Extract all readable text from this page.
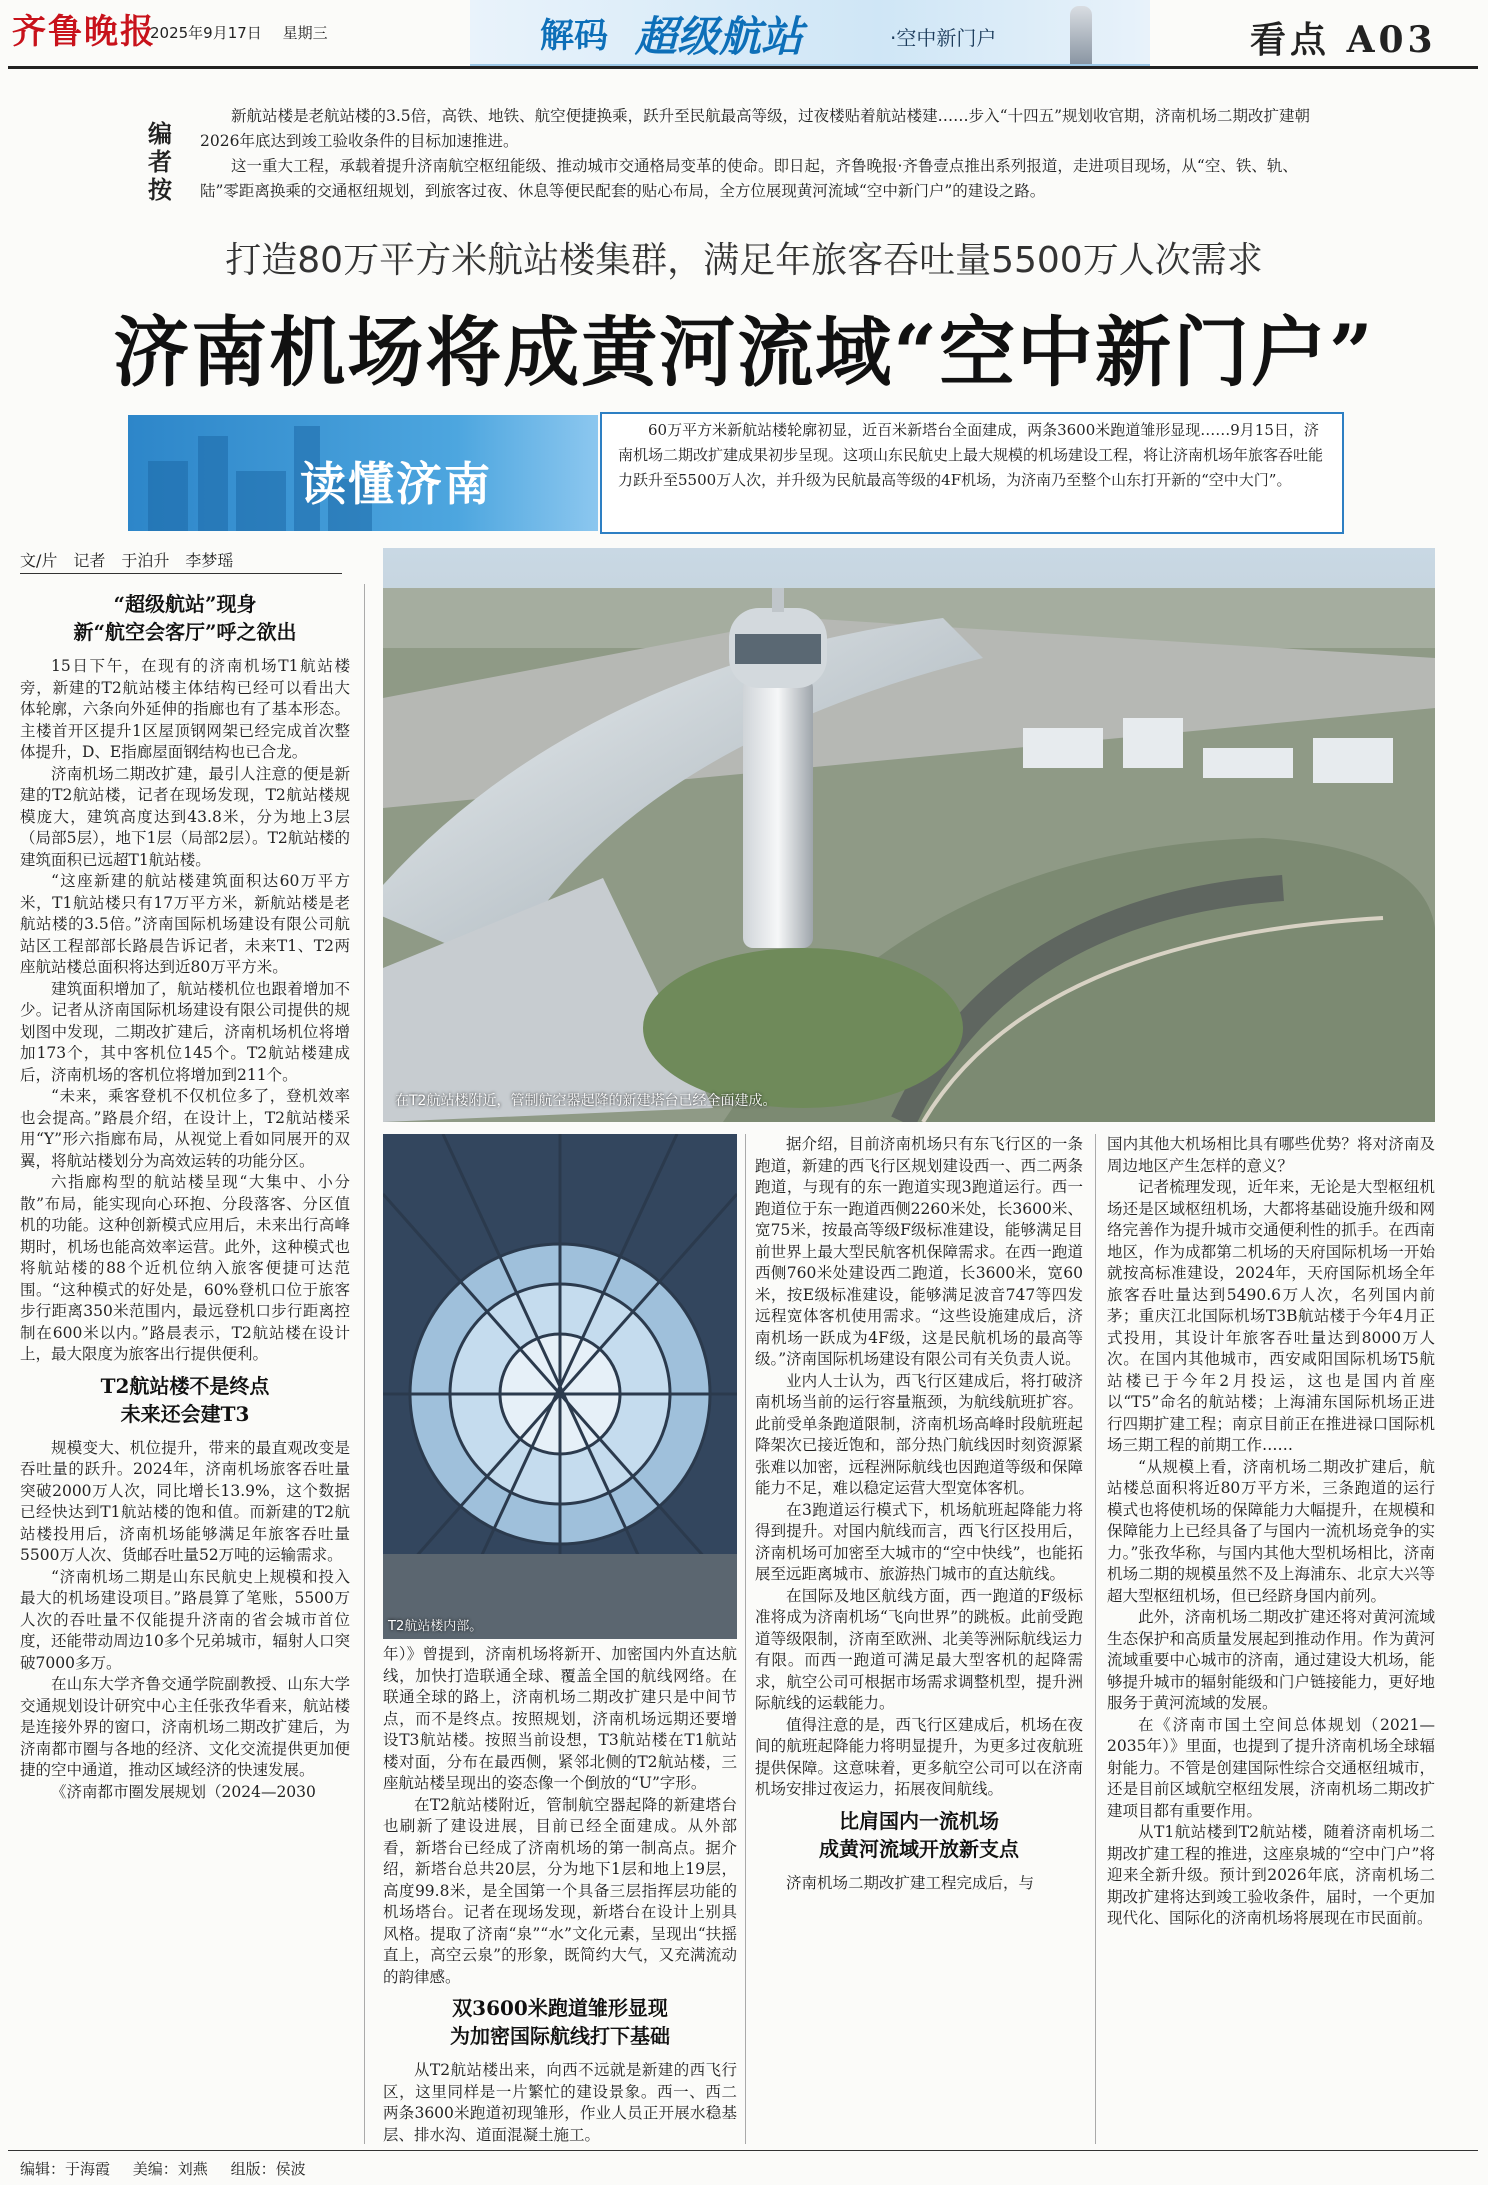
齐鲁晚报
2025年9月17日 星期三	解码 超级航站	·空中新门户	看点 A03
编者按

新航站楼是老航站楼的3.5倍，高铁、地铁、航空便捷换乘，跃升至民航最高等级，过夜楼贴着航站楼建……步入“十四五”规划收官期，济南机场二期改扩建朝2026年底达到竣工验收条件的目标加速推进。

这一重大工程，承载着提升济南航空枢纽能级、推动城市交通格局变革的使命。即日起，齐鲁晚报·齐鲁壹点推出系列报道，走进项目现场，从“空、铁、轨、陆”零距离换乘的交通枢纽规划，到旅客过夜、休息等便民配套的贴心布局，全方位展现黄河流域“空中新门户”的建设之路。

打造80万平方米航站楼集群，满足年旅客吞吐量5500万人次需求
济南机场将成黄河流域“空中新门户”
读懂济南
60万平方米新航站楼轮廓初显，近百米新塔台全面建成，两条3600米跑道雏形显现……9月15日，济南机场二期改扩建成果初步呈现。这项山东民航史上最大规模的机场建设工程，将让济南机场年旅客吞吐能力跃升至5500万人次，并升级为民航最高等级的4F机场，为济南乃至整个山东打开新的“空中大门”。
文/片　记者　于泊升　李梦瑶
在T2航站楼附近，管制航空器起降的新建塔台已经全面建成。
T2航站楼内部。
“超级航站”现身
新“航空会客厅”呼之欲出

15日下午，在现有的济南机场T1航站楼旁，新建的T2航站楼主体结构已经可以看出大体轮廓，六条向外延伸的指廊也有了基本形态。主楼首开区提升1区屋顶钢网架已经完成首次整体提升，D、E指廊屋面钢结构也已合龙。

济南机场二期改扩建，最引人注意的便是新建的T2航站楼，记者在现场发现，T2航站楼规模庞大，建筑高度达到43.8米，分为地上3层（局部5层），地下1层（局部2层）。T2航站楼的建筑面积已远超T1航站楼。

“这座新建的航站楼建筑面积达60万平方米，T1航站楼只有17万平方米，新航站楼是老航站楼的3.5倍。”济南国际机场建设有限公司航站区工程部部长路晨告诉记者，未来T1、T2两座航站楼总面积将达到近80万平方米。

建筑面积增加了，航站楼机位也跟着增加不少。记者从济南国际机场建设有限公司提供的规划图中发现，二期改扩建后，济南机场机位将增加173个，其中客机位145个。T2航站楼建成后，济南机场的客机位将增加到211个。

“未来，乘客登机不仅机位多了，登机效率也会提高。”路晨介绍，在设计上，T2航站楼采用“Y”形六指廊布局，从视觉上看如同展开的双翼，将航站楼划分为高效运转的功能分区。

六指廊构型的航站楼呈现“大集中、小分散”布局，能实现向心环抱、分段落客、分区值机的功能。这种创新模式应用后，未来出行高峰期时，机场也能高效率运营。此外，这种模式也将航站楼的88个近机位纳入旅客便捷可达范围。“这种模式的好处是，60%登机口位于旅客步行距离350米范围内，最远登机口步行距离控制在600米以内。”路晨表示，T2航站楼在设计上，最大限度为旅客出行提供便利。

T2航站楼不是终点
未来还会建T3

规模变大、机位提升，带来的最直观改变是吞吐量的跃升。2024年，济南机场旅客吞吐量突破2000万人次，同比增长13.9%，这个数据已经快达到T1航站楼的饱和值。而新建的T2航站楼投用后，济南机场能够满足年旅客吞吐量5500万人次、货邮吞吐量52万吨的运输需求。

“济南机场二期是山东民航史上规模和投入最大的机场建设项目。”路晨算了笔账，5500万人次的吞吐量不仅能提升济南的省会城市首位度，还能带动周边10多个兄弟城市，辐射人口突破7000多万。

在山东大学齐鲁交通学院副教授、山东大学交通规划设计研究中心主任张孜华看来，航站楼是连接外界的窗口，济南机场二期改扩建后，为济南都市圈与各地的经济、文化交流提供更加便捷的空中通道，推动区域经济的快速发展。

《济南都市圈发展规划（2024—2030

年）》曾提到，济南机场将新开、加密国内外直达航线，加快打造联通全球、覆盖全国的航线网络。在联通全球的路上，济南机场二期改扩建只是中间节点，而不是终点。按照规划，济南机场远期还要增设T3航站楼。按照当前设想，T3航站楼在T1航站楼对面，分布在最西侧，紧邻北侧的T2航站楼，三座航站楼呈现出的姿态像一个倒放的“U”字形。

在T2航站楼附近，管制航空器起降的新建塔台也刷新了建设进展，目前已经全面建成。从外部看，新塔台已经成了济南机场的第一制高点。据介绍，新塔台总共20层，分为地下1层和地上19层，高度99.8米，是全国第一个具备三层指挥层功能的机场塔台。记者在现场发现，新塔台在设计上别具风格。提取了济南“泉”“水”文化元素，呈现出“扶摇直上，高空云泉”的形象，既简约大气，又充满流动的韵律感。

双3600米跑道雏形显现
为加密国际航线打下基础

从T2航站楼出来，向西不远就是新建的西飞行区，这里同样是一片繁忙的建设景象。西一、西二两条3600米跑道初现雏形，作业人员正开展水稳基层、排水沟、道面混凝土施工。

据介绍，目前济南机场只有东飞行区的一条跑道，新建的西飞行区规划建设西一、西二两条跑道，与现有的东一跑道实现3跑道运行。西一跑道位于东一跑道西侧2260米处，长3600米、宽75米，按最高等级F级标准建设，能够满足目前世界上最大型民航客机保障需求。在西一跑道西侧760米处建设西二跑道，长3600米，宽60米，按E级标准建设，能够满足波音747等四发远程宽体客机使用需求。“这些设施建成后，济南机场一跃成为4F级，这是民航机场的最高等级。”济南国际机场建设有限公司有关负责人说。

业内人士认为，西飞行区建成后，将打破济南机场当前的运行容量瓶颈，为航线航班扩容。此前受单条跑道限制，济南机场高峰时段航班起降架次已接近饱和，部分热门航线因时刻资源紧张难以加密，远程洲际航线也因跑道等级和保障能力不足，难以稳定运营大型宽体客机。

在3跑道运行模式下，机场航班起降能力将得到提升。对国内航线而言，西飞行区投用后，济南机场可加密至大城市的“空中快线”，也能拓展至远距离城市、旅游热门城市的直达航线。

在国际及地区航线方面，西一跑道的F级标准将成为济南机场“飞向世界”的跳板。此前受跑道等级限制，济南至欧洲、北美等洲际航线运力有限。而西一跑道可满足最大型客机的起降需求，航空公司可根据市场需求调整机型，提升洲际航线的运载能力。

值得注意的是，西飞行区建成后，机场在夜间的航班起降能力将明显提升，为更多过夜航班提供保障。这意味着，更多航空公司可以在济南机场安排过夜运力，拓展夜间航线。

比肩国内一流机场
成黄河流域开放新支点

济南机场二期改扩建工程完成后，与

国内其他大机场相比具有哪些优势？将对济南及周边地区产生怎样的意义？

记者梳理发现，近年来，无论是大型枢纽机场还是区域枢纽机场，大都将基础设施升级和网络完善作为提升城市交通便利性的抓手。在西南地区，作为成都第二机场的天府国际机场一开始就按高标准建设，2024年，天府国际机场全年旅客吞吐量达到5490.6万人次，名列国内前茅；重庆江北国际机场T3B航站楼于今年4月正式投用，其设计年旅客吞吐量达到8000万人次。在国内其他城市，西安咸阳国际机场T5航站楼已于今年2月投运，这也是国内首座以“T5”命名的航站楼；上海浦东国际机场正进行四期扩建工程；南京目前正在推进禄口国际机场三期工程的前期工作……

“从规模上看，济南机场二期改扩建后，航站楼总面积将近80万平方米，三条跑道的运行模式也将使机场的保障能力大幅提升，在规模和保障能力上已经具备了与国内一流机场竞争的实力。”张孜华称，与国内其他大型机场相比，济南机场二期的规模虽然不及上海浦东、北京大兴等超大型枢纽机场，但已经跻身国内前列。

此外，济南机场二期改扩建还将对黄河流域生态保护和高质量发展起到推动作用。作为黄河流域重要中心城市的济南，通过建设大机场，能够提升城市的辐射能级和门户链接能力，更好地服务于黄河流域的发展。

在《济南市国土空间总体规划（2021—2035年）》里面，也提到了提升济南机场全球辐射能力。不管是创建国际性综合交通枢纽城市，还是目前区域航空枢纽发展，济南机场二期改扩建项目都有重要作用。

从T1航站楼到T2航站楼，随着济南机场二期改扩建工程的推进，这座泉城的“空中门户”将迎来全新升级。预计到2026年底，济南机场二期改扩建将达到竣工验收条件，届时，一个更加现代化、国际化的济南机场将展现在市民面前。

编辑：于海霞 美编：刘燕 组版：侯波
